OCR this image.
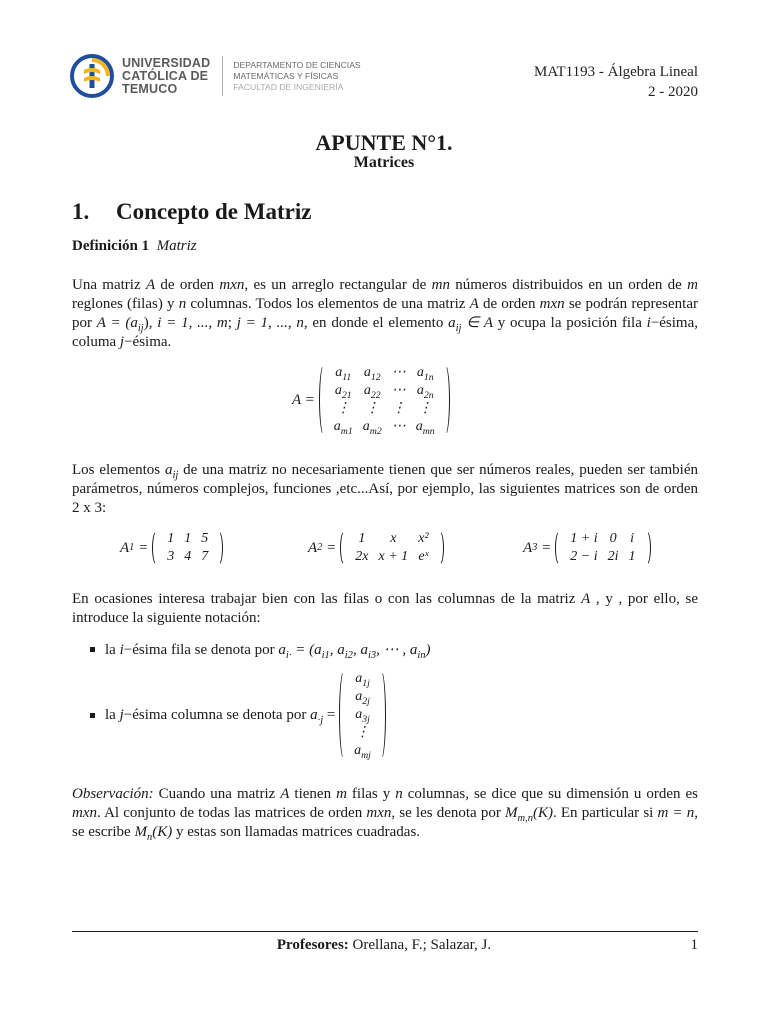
UNIVERSIDAD
CATÓLICA DE
TEMUCO
DEPARTAMENTO DE CIENCIAS
MATEMÁTICAS Y FÍSICAS
FACULTAD DE INGENIERÍA
MAT1193 - Álgebra Lineal
2 - 2020
APUNTE N°1.
Matrices
1. Concepto de Matriz
Definición 1 Matriz

Una matriz A de orden mxn, es un arreglo rectangular de mn números distribuidos en un orden de m reglones (filas) y n columnas. Todos los elementos de una matriz A de orden mxn se podrán representar por $A = (a_{ij})$, i = 1, ..., m; j = 1, ..., n, en donde el elemento $a_{ij}$ ∈ A y ocupa la posición fila i−ésima, columa j−ésima.

A =
$a_{11}$	$a_{12}$	⋯	$a_{1n}$
$a_{21}$	$a_{22}$	⋯	$a_{2n}$
⋮	⋮	⋮	⋮
$a_{m1}$	$a_{m2}$	⋯	$a_{mn}$

Los elementos $a_{ij}$ de una matriz no necesariamente tienen que ser números reales, pueden ser también parámetros, números complejos, funciones ,etc...Así, por ejemplo, las siguientes matrices son de orden 2 x 3:

A 1 =
1	1	5
3	4	7
A 2 =
1	x	x²
2x	x + 1	eˣ
A 3 =
1 + i	0	i
2 − i	2i	1

En ocasiones interesa trabajar bien con las filas o con las columnas de la matriz A , y , por ello, se introduce la siguiente notación:

la i−ésima fila se denota por $a_{i\cdot} = (a_{i1}$, $a_{i2}$, $a_{i3}$, ⋯ , $a_{in}$)
la j−ésima columna se denota por $a_{\cdot j}$ =
$a_{1j}$
$a_{2j}$
$a_{3j}$
⋮
$a_{mj}$

Observación: Cuando una matriz A tienen m filas y n columnas, se dice que su dimensión u orden es mxn. Al conjunto de todas las matrices de orden mxn, se les denota por $M_{m,n}(K)$. En particular si m = n, se escribe $M_n(K)$ y estas son llamadas matrices cuadradas.

Profesores: Orellana, F.; Salazar, J.	1
